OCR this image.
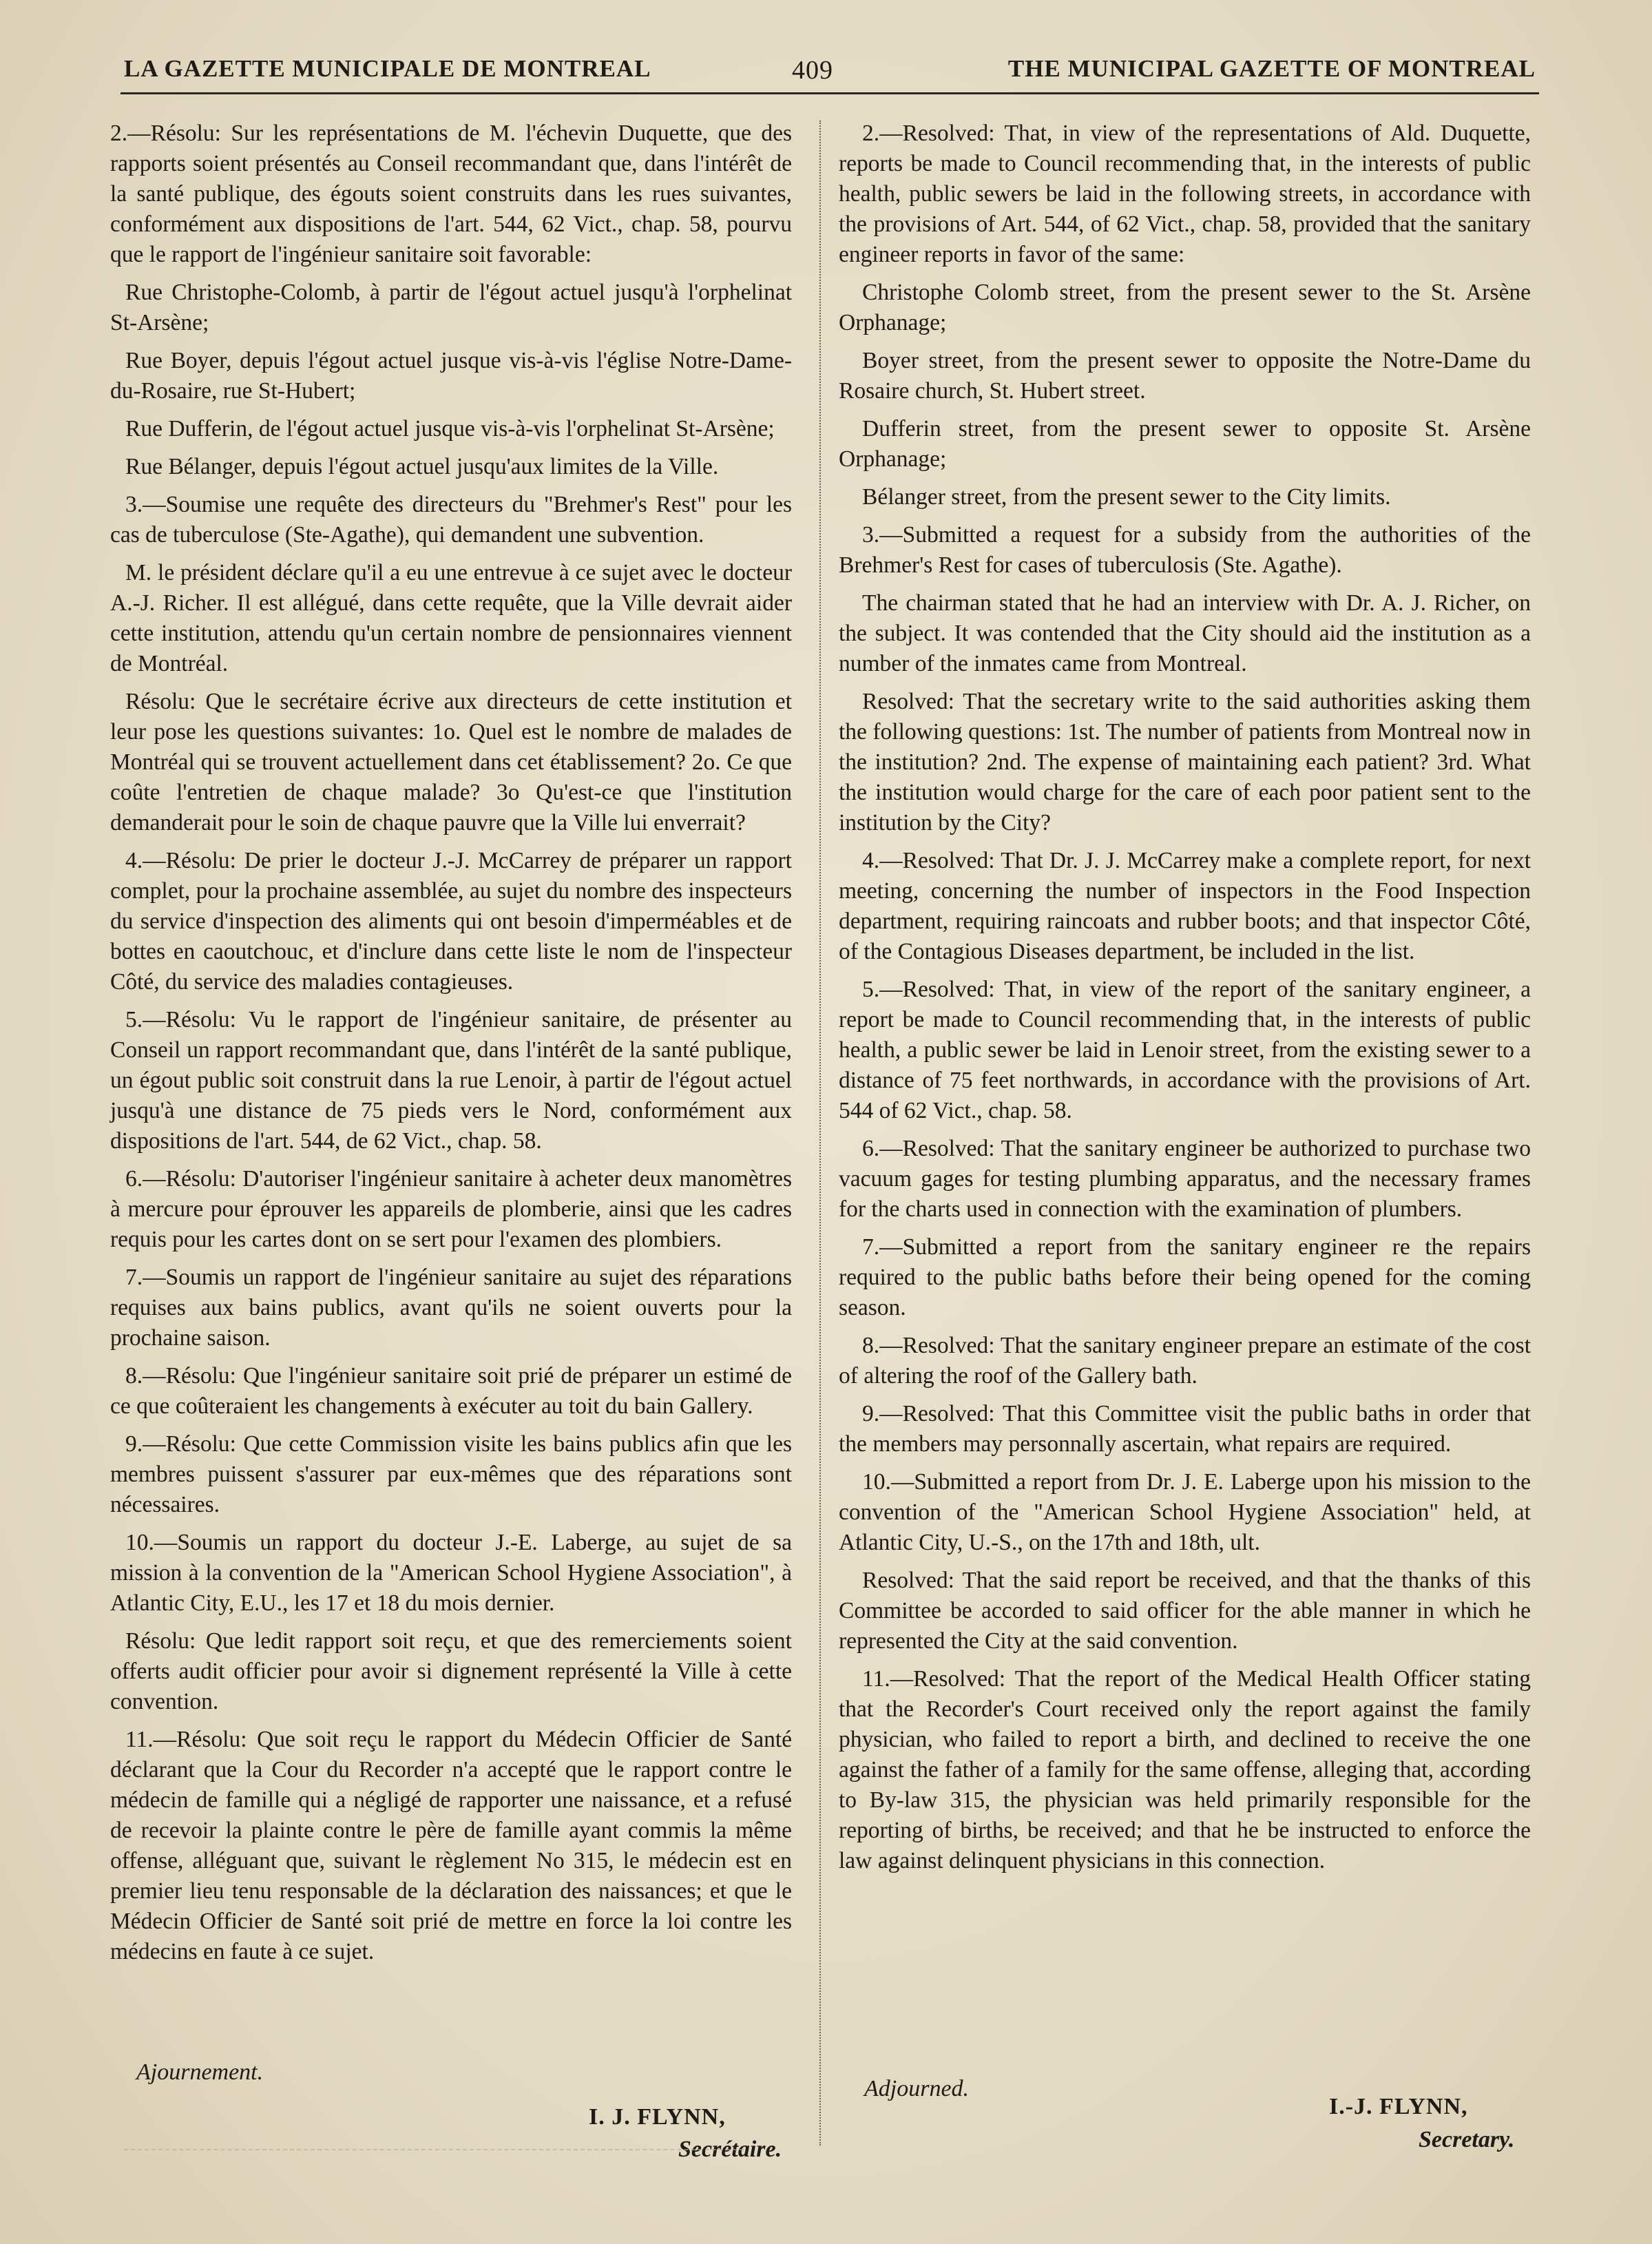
LA GAZETTE MUNICIPALE DE MONTREAL	409	THE MUNICIPAL GAZETTE OF MONTREAL

2.—Résolu: Sur les représentations de M. l'échevin Duquette, que des rapports soient présentés au Conseil recommandant que, dans l'intérêt de la santé publique, des égouts soient construits dans les rues suivantes, conformément aux dispositions de l'art. 544, 62 Vict., chap. 58, pourvu que le rapport de l'ingénieur sanitaire soit favorable:

Rue Christophe-Colomb, à partir de l'égout actuel jusqu'à l'orphelinat St-Arsène;

Rue Boyer, depuis l'égout actuel jusque vis-à-vis l'église Notre-Dame-du-Rosaire, rue St-Hubert;

Rue Dufferin, de l'égout actuel jusque vis-à-vis l'orphelinat St-Arsène;

Rue Bélanger, depuis l'égout actuel jusqu'aux limites de la Ville.

3.—Soumise une requête des directeurs du "Brehmer's Rest" pour les cas de tuberculose (Ste-Agathe), qui demandent une subvention.

M. le président déclare qu'il a eu une entrevue à ce sujet avec le docteur A.-J. Richer. Il est allégué, dans cette requête, que la Ville devrait aider cette institution, attendu qu'un certain nombre de pensionnaires viennent de Montréal.

Résolu: Que le secrétaire écrive aux directeurs de cette institution et leur pose les questions suivantes: 1o. Quel est le nombre de malades de Montréal qui se trouvent actuellement dans cet établissement? 2o. Ce que coûte l'entretien de chaque malade? 3o Qu'est-ce que l'institution demanderait pour le soin de chaque pauvre que la Ville lui enverrait?

4.—Résolu: De prier le docteur J.-J. McCarrey de préparer un rapport complet, pour la prochaine assemblée, au sujet du nombre des inspecteurs du service d'inspection des aliments qui ont besoin d'imperméables et de bottes en caoutchouc, et d'inclure dans cette liste le nom de l'inspecteur Côté, du service des maladies contagieuses.

5.—Résolu: Vu le rapport de l'ingénieur sanitaire, de présenter au Conseil un rapport recommandant que, dans l'intérêt de la santé publique, un égout public soit construit dans la rue Lenoir, à partir de l'égout actuel jusqu'à une distance de 75 pieds vers le Nord, conformément aux dispositions de l'art. 544, de 62 Vict., chap. 58.

6.—Résolu: D'autoriser l'ingénieur sanitaire à acheter deux manomètres à mercure pour éprouver les appareils de plomberie, ainsi que les cadres requis pour les cartes dont on se sert pour l'examen des plombiers.

7.—Soumis un rapport de l'ingénieur sanitaire au sujet des réparations requises aux bains publics, avant qu'ils ne soient ouverts pour la prochaine saison.

8.—Résolu: Que l'ingénieur sanitaire soit prié de préparer un estimé de ce que coûteraient les changements à exécuter au toit du bain Gallery.

9.—Résolu: Que cette Commission visite les bains publics afin que les membres puissent s'assurer par eux-mêmes que des réparations sont nécessaires.

10.—Soumis un rapport du docteur J.-E. Laberge, au sujet de sa mission à la convention de la "American School Hygiene Association", à Atlantic City, E.U., les 17 et 18 du mois dernier.

Résolu: Que ledit rapport soit reçu, et que des remerciements soient offerts audit officier pour avoir si dignement représenté la Ville à cette convention.

11.—Résolu: Que soit reçu le rapport du Médecin Officier de Santé déclarant que la Cour du Recorder n'a accepté que le rapport contre le médecin de famille qui a négligé de rapporter une naissance, et a refusé de recevoir la plainte contre le père de famille ayant commis la même offense, alléguant que, suivant le règlement No 315, le médecin est en premier lieu tenu responsable de la déclaration des naissances; et que le Médecin Officier de Santé soit prié de mettre en force la loi contre les médecins en faute à ce sujet.

2.—Resolved: That, in view of the representations of Ald. Duquette, reports be made to Council recommending that, in the interests of public health, public sewers be laid in the following streets, in accordance with the provisions of Art. 544, of 62 Vict., chap. 58, provided that the sanitary engineer reports in favor of the same:

Christophe Colomb street, from the present sewer to the St. Arsène Orphanage;

Boyer street, from the present sewer to opposite the Notre-Dame du Rosaire church, St. Hubert street.

Dufferin street, from the present sewer to opposite St. Arsène Orphanage;

Bélanger street, from the present sewer to the City limits.

3.—Submitted a request for a subsidy from the authorities of the Brehmer's Rest for cases of tuberculosis (Ste. Agathe).

The chairman stated that he had an interview with Dr. A. J. Richer, on the subject. It was contended that the City should aid the institution as a number of the inmates came from Montreal.

Resolved: That the secretary write to the said authorities asking them the following questions: 1st. The number of patients from Montreal now in the institution? 2nd. The expense of maintaining each patient? 3rd. What the institution would charge for the care of each poor patient sent to the institution by the City?

4.—Resolved: That Dr. J. J. McCarrey make a complete report, for next meeting, concerning the number of inspectors in the Food Inspection department, requiring raincoats and rubber boots; and that inspector Côté, of the Contagious Diseases department, be included in the list.

5.—Resolved: That, in view of the report of the sanitary engineer, a report be made to Council recommending that, in the interests of public health, a public sewer be laid in Lenoir street, from the existing sewer to a distance of 75 feet northwards, in accordance with the provisions of Art. 544 of 62 Vict., chap. 58.

6.—Resolved: That the sanitary engineer be authorized to purchase two vacuum gages for testing plumbing apparatus, and the necessary frames for the charts used in connection with the examination of plumbers.

7.—Submitted a report from the sanitary engineer re the repairs required to the public baths before their being opened for the coming season.

8.—Resolved: That the sanitary engineer prepare an estimate of the cost of altering the roof of the Gallery bath.

9.—Resolved: That this Committee visit the public baths in order that the members may personnally ascertain, what repairs are required.

10.—Submitted a report from Dr. J. E. Laberge upon his mission to the convention of the "American School Hygiene Association" held, at Atlantic City, U.-S., on the 17th and 18th, ult.

Resolved: That the said report be received, and that the thanks of this Committee be accorded to said officer for the able manner in which he represented the City at the said convention.

11.—Resolved: That the report of the Medical Health Officer stating that the Recorder's Court received only the report against the family physician, who failed to report a birth, and declined to receive the one against the father of a family for the same offense, alleging that, according to By-law 315, the physician was held primarily responsible for the reporting of births, be received; and that he be instructed to enforce the law against delinquent physicians in this connection.

Ajournement.
I. J. FLYNN,
Secrétaire.
Adjourned.
I.-J. FLYNN,
Secretary.
